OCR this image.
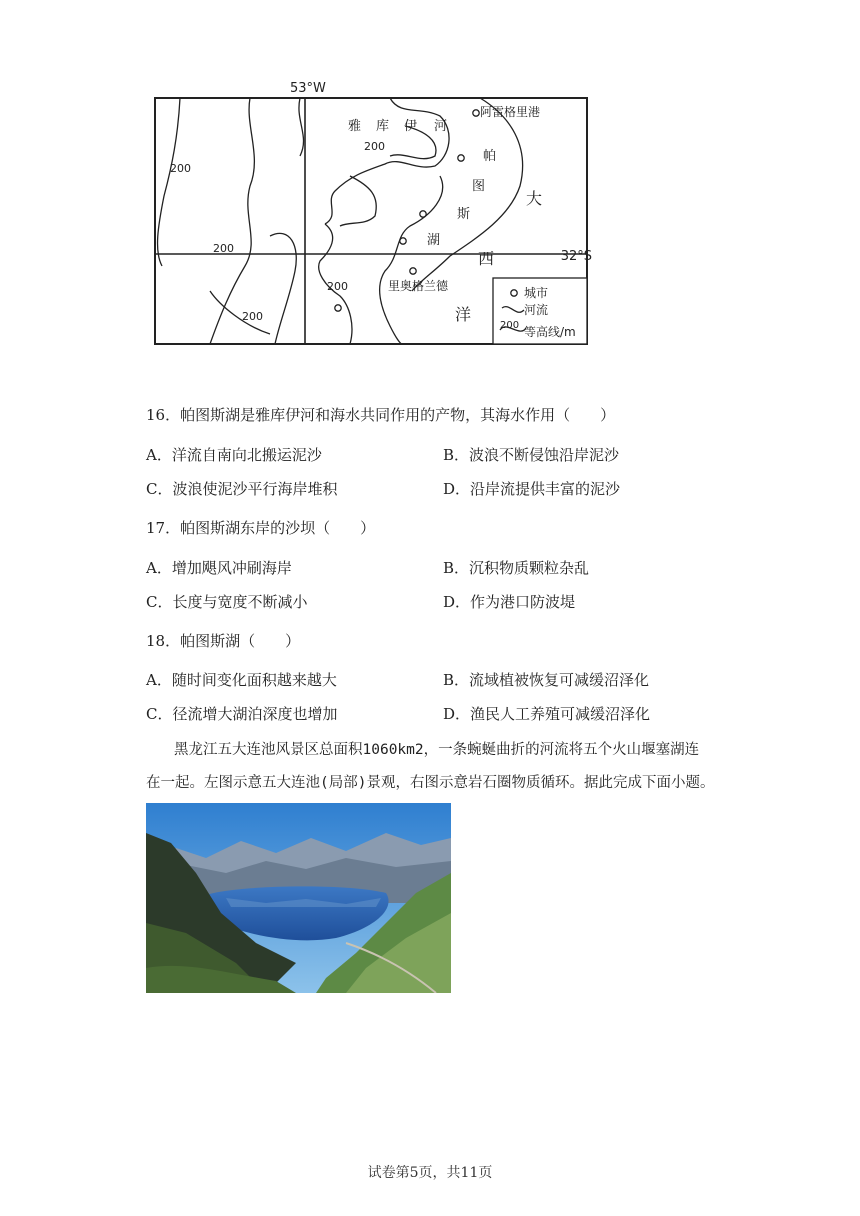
53°W
200
200
200
200
200
雅 库 伊 河
帕
图
斯
湖
阿雷格里港
里奥格兰德
大
西
洋
32°S
城市
河流
200 等高线/m
16．帕图斯湖是雅库伊河和海水共同作用的产物，其海水作用（　　）
A．洋流自南向北搬运泥沙	B．波浪不断侵蚀沿岸泥沙
C．波浪使泥沙平行海岸堆积	D．沿岸流提供丰富的泥沙
17．帕图斯湖东岸的沙坝（　　）
A．增加飓风冲刷海岸	B．沉积物质颗粒杂乱
C．长度与宽度不断减小	D．作为港口防波堤
18．帕图斯湖（　　）
A．随时间变化面积越来越大	B．流域植被恢复可减缓沼泽化
C．径流增大湖泊深度也增加	D．渔民人工养殖可减缓沼泽化
黑龙江五大连池风景区总面积1060km2，一条蜿蜒曲折的河流将五个火山堰塞湖连
在一起。左图示意五大连池(局部)景观，右图示意岩石圈物质循环。据此完成下面小题。
试卷第5页，共11页
